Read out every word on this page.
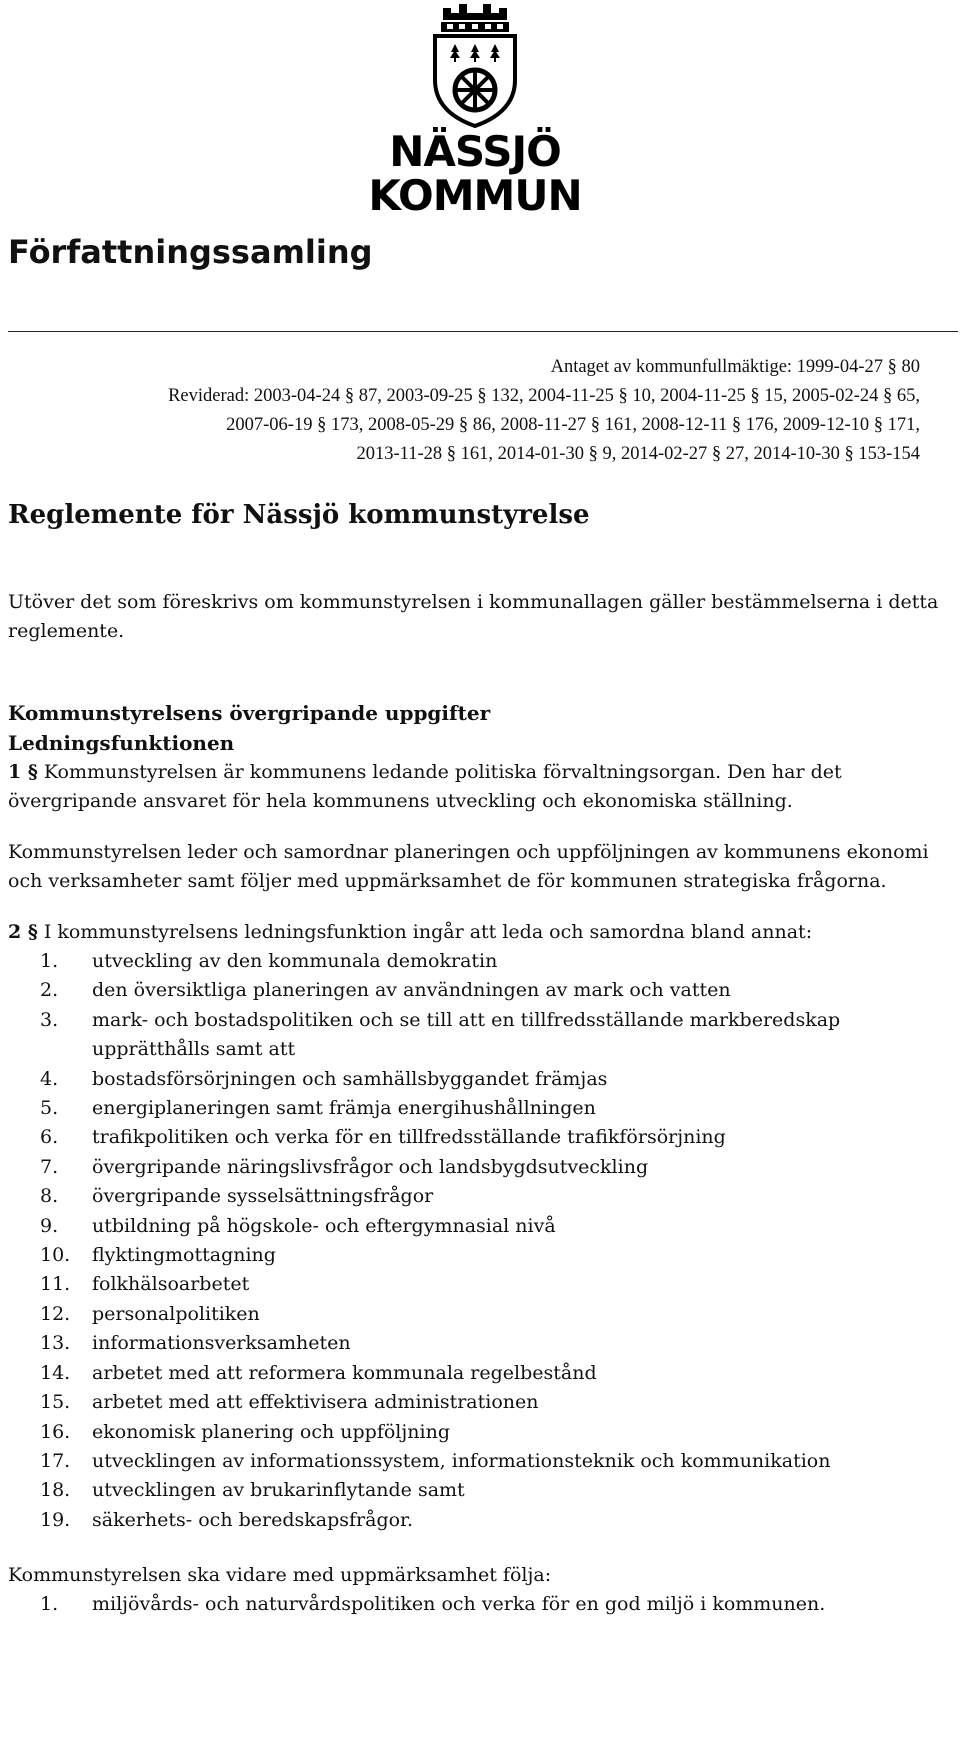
NÄSSJÖ KOMMUN
Författningssamling
Antaget av kommunfullmäktige: 1999-04-27 § 80
Reviderad: 2003-04-24 § 87, 2003-09-25 § 132, 2004-11-25 § 10, 2004-11-25 § 15, 2005-02-24 § 65,
2007-06-19 § 173, 2008-05-29 § 86, 2008-11-27 § 161, 2008-12-11 § 176, 2009-12-10 § 171,
2013-11-28 § 161, 2014-01-30 § 9, 2014-02-27 § 27, 2014-10-30 § 153-154
Reglemente för Nässjö kommunstyrelse

Utöver det som föreskrivs om kommunstyrelsen i kommunallagen gäller bestämmelserna i detta reglemente.

Kommunstyrelsens övergripande uppgifter

Ledningsfunktionen

1 § Kommunstyrelsen är kommunens ledande politiska förvaltningsorgan. Den har det övergripande ansvaret för hela kommunens utveckling och ekonomiska ställning.

Kommunstyrelsen leder och samordnar planeringen och uppföljningen av kommunens ekonomi och verksamheter samt följer med uppmärksamhet de för kommunen strategiska frågorna.

2 § I kommunstyrelsens ledningsfunktion ingår att leda och samordna bland annat:

1.	utveckling av den kommunala demokratin
2.	den översiktliga planeringen av användningen av mark och vatten
3.	mark- och bostadspolitiken och se till att en tillfredsställande markberedskap upprätthålls samt att
4.	bostadsförsörjningen och samhällsbyggandet främjas
5.	energiplaneringen samt främja energihushållningen
6.	trafikpolitiken och verka för en tillfredsställande trafikförsörjning
7.	övergripande näringslivsfrågor och landsbygdsutveckling
8.	övergripande sysselsättningsfrågor
9.	utbildning på högskole- och eftergymnasial nivå
10.	flyktingmottagning
11.	folkhälsoarbetet
12.	personalpolitiken
13.	informationsverksamheten
14.	arbetet med att reformera kommunala regelbestånd
15.	arbetet med att effektivisera administrationen
16.	ekonomisk planering och uppföljning
17.	utvecklingen av informationssystem, informationsteknik och kommunikation
18.	utvecklingen av brukarinflytande samt
19.	säkerhets- och beredskapsfrågor.

Kommunstyrelsen ska vidare med uppmärksamhet följa:

1.	miljövårds- och naturvårdspolitiken och verka för en god miljö i kommunen.
